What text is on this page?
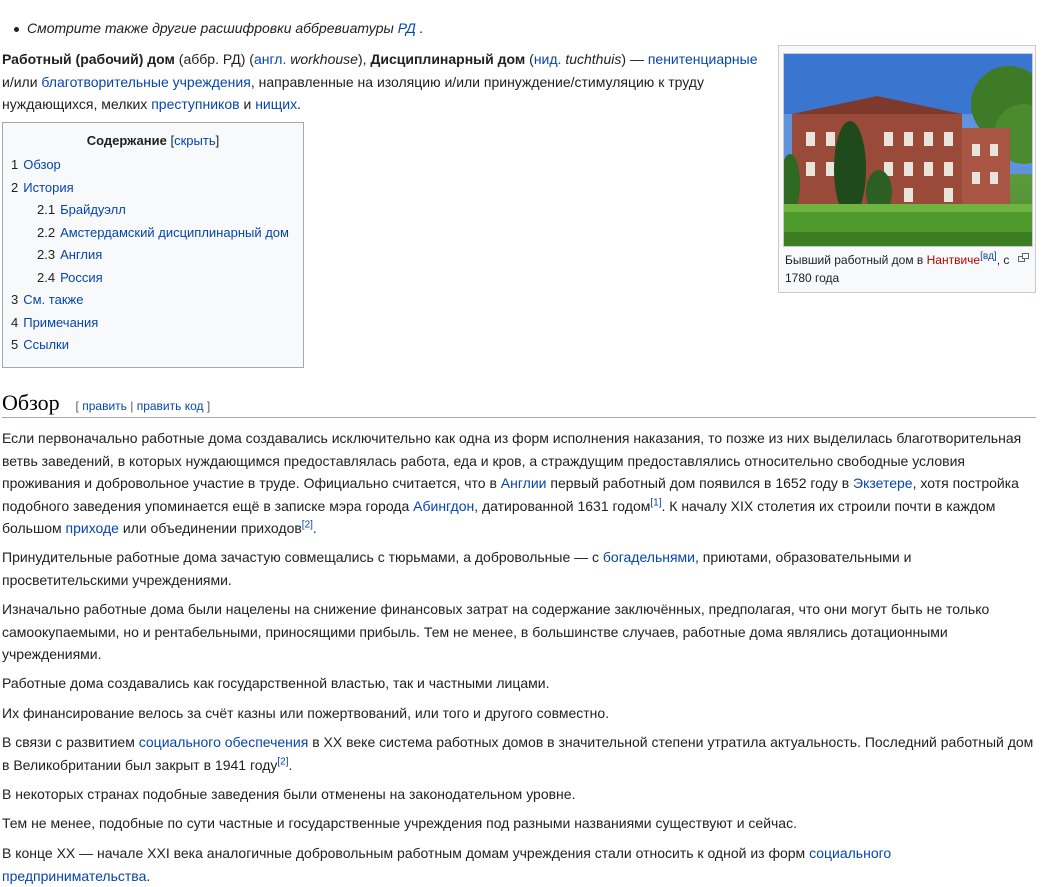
Смотрите также другие расшифровки аббревиатуры РД .
Работный (рабочий) дом (аббр. РД) (англ. workhouse), Дисциплинарный дом (нид. tuchthuis) — пенитенциарные и/или благотворительные учреждения, направленные на изоляцию и/или принуждение/стимуляцию к труду нуждающихся, мелких преступников и нищих.
Бывший работный дом в Нантвиче[вд], с 1780 года
Содержание [скрыть]
1 Обзор
2 История
2.1 Брайдуэлл
2.2 Амстердамский дисциплинарный дом
2.3 Англия
2.4 Россия
3 См. также
4 Примечания
5 Ссылки
Обзор [ править | править код ]
Если первоначально работные дома создавались исключительно как одна из форм исполнения наказания, то позже из них выделилась благотворительная ветвь заведений, в которых нуждающимся предоставлялась работа, еда и кров, а страждущим предоставлялись относительно свободные условия проживания и добровольное участие в труде. Официально считается, что в Англии первый работный дом появился в 1652 году в Экзетере, хотя постройка подобного заведения упоминается ещё в записке мэра города Абингдон, датированной 1631 годом[1]. К началу XIX столетия их строили почти в каждом большом приходе или объединении приходов[2].
Принудительные работные дома зачастую совмещались с тюрьмами, а добровольные — с богадельнями, приютами, образовательными и просветительскими учреждениями.
Изначально работные дома были нацелены на снижение финансовых затрат на содержание заключённых, предполагая, что они могут быть не только самоокупаемыми, но и рентабельными, приносящими прибыль. Тем не менее, в большинстве случаев, работные дома являлись дотационными учреждениями.
Работные дома создавались как государственной властью, так и частными лицами.
Их финансирование велось за счёт казны или пожертвований, или того и другого совместно.
В связи с развитием социального обеспечения в XX веке система работных домов в значительной степени утратила актуальность. Последний работный дом в Великобритании был закрыт в 1941 году[2].
В некоторых странах подобные заведения были отменены на законодательном уровне.
Тем не менее, подобные по сути частные и государственные учреждения под разными названиями существуют и сейчас.
В конце XX — начале XXI века аналогичные добровольным работным домам учреждения стали относить к одной из форм социального предпринимательства.
